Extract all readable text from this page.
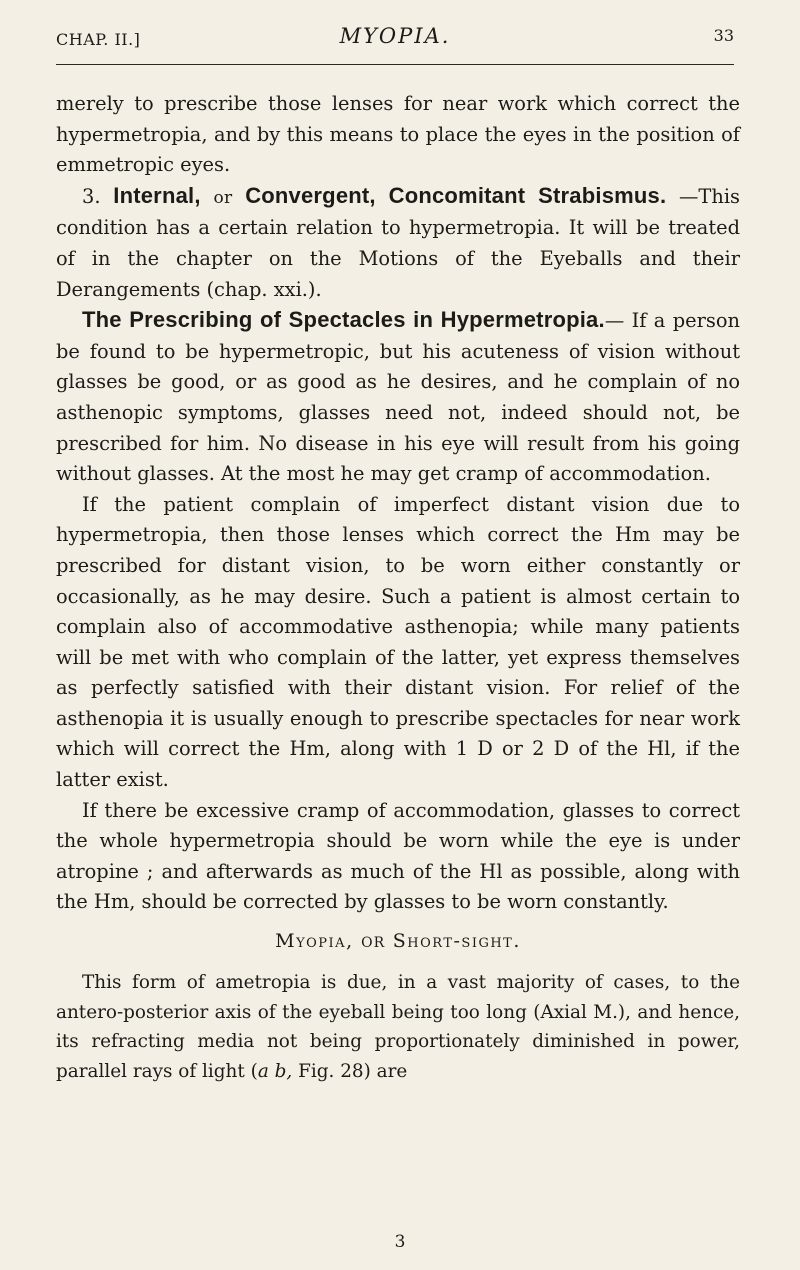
CHAP. II.]	MYOPIA.	33

merely to prescribe those lenses for near work which correct the hypermetropia, and by this means to place the eyes in the position of emmetropic eyes.

3. Internal, or Convergent, Concomitant Strabismus. —This condition has a certain relation to hypermetropia. It will be treated of in the chapter on the Motions of the Eyeballs and their Derangements (chap. xxi.).

The Prescribing of Spectacles in Hypermetropia.— If a person be found to be hypermetropic, but his acuteness of vision without glasses be good, or as good as he desires, and he complain of no asthenopic symptoms, glasses need not, indeed should not, be prescribed for him. No disease in his eye will result from his going without glasses. At the most he may get cramp of accommodation.

If the patient complain of imperfect distant vision due to hypermetropia, then those lenses which correct the Hm may be prescribed for distant vision, to be worn either constantly or occasionally, as he may desire. Such a patient is almost certain to complain also of accommodative asthenopia; while many patients will be met with who complain of the latter, yet express themselves as perfectly satisfied with their distant vision. For relief of the asthenopia it is usually enough to prescribe spectacles for near work which will correct the Hm, along with 1 D or 2 D of the Hl, if the latter exist.

If there be excessive cramp of accommodation, glasses to correct the whole hypermetropia should be worn while the eye is under atropine ; and afterwards as much of the Hl as possible, along with the Hm, should be corrected by glasses to be worn constantly.

Myopia, OR Short-sight.

This form of ametropia is due, in a vast majority of cases, to the antero-posterior axis of the eyeball being too long (Axial M.), and hence, its refracting media not being proportionately diminished in power, parallel rays of light (a b, Fig. 28) are

3
